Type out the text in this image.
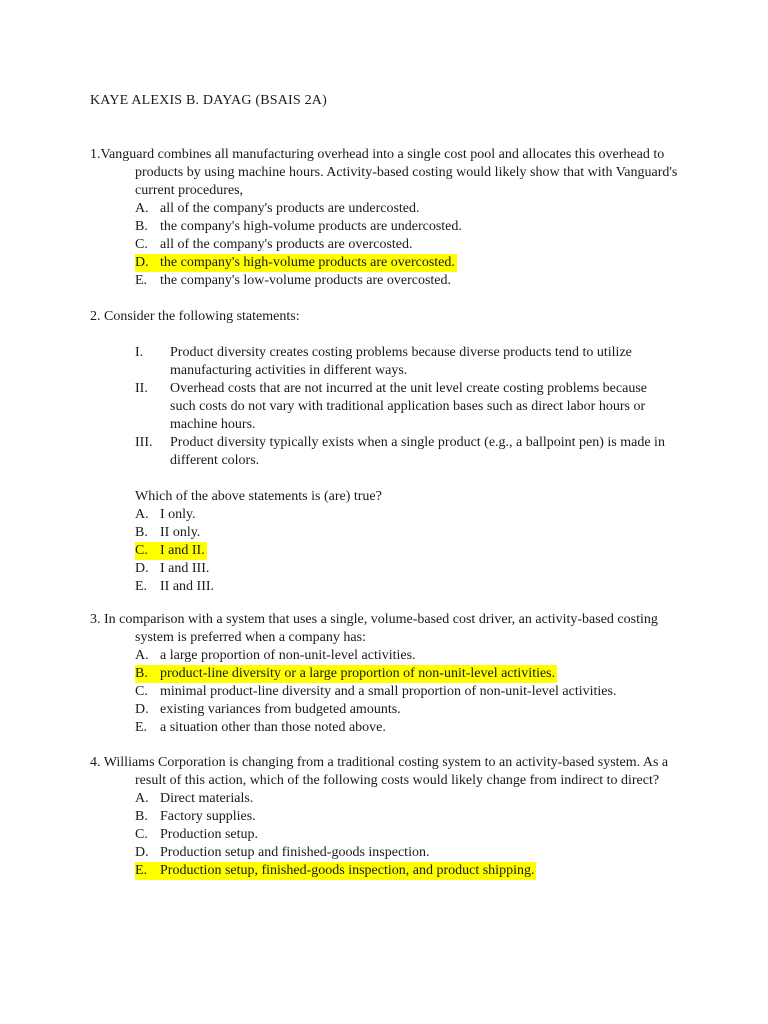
KAYE ALEXIS B. DAYAG (BSAIS 2A)
1.Vanguard combines all manufacturing overhead into a single cost pool and allocates this overhead to products by using machine hours. Activity-based costing would likely show that with Vanguard's current procedures,
A. all of the company's products are undercosted.
B. the company's high-volume products are undercosted.
C. all of the company's products are overcosted.
D. the company's high-volume products are overcosted.
E. the company's low-volume products are overcosted.
2. Consider the following statements:
I.	Product diversity creates costing problems because diverse products tend to utilize manufacturing activities in different ways.
II.	Overhead costs that are not incurred at the unit level create costing problems because such costs do not vary with traditional application bases such as direct labor hours or machine hours.
III.	Product diversity typically exists when a single product (e.g., a ballpoint pen) is made in different colors.
Which of the above statements is (are) true?
A. I only.
B. II only.
C. I and II.
D. I and III.
E. II and III.
3. In comparison with a system that uses a single, volume-based cost driver, an activity-based costing system is preferred when a company has:
A. a large proportion of non-unit-level activities.
B. product-line diversity or a large proportion of non-unit-level activities.
C. minimal product-line diversity and a small proportion of non-unit-level activities.
D. existing variances from budgeted amounts.
E. a situation other than those noted above.
4. Williams Corporation is changing from a traditional costing system to an activity-based system. As a result of this action, which of the following costs would likely change from indirect to direct?
A. Direct materials.
B. Factory supplies.
C. Production setup.
D. Production setup and finished-goods inspection.
E. Production setup, finished-goods inspection, and product shipping.
